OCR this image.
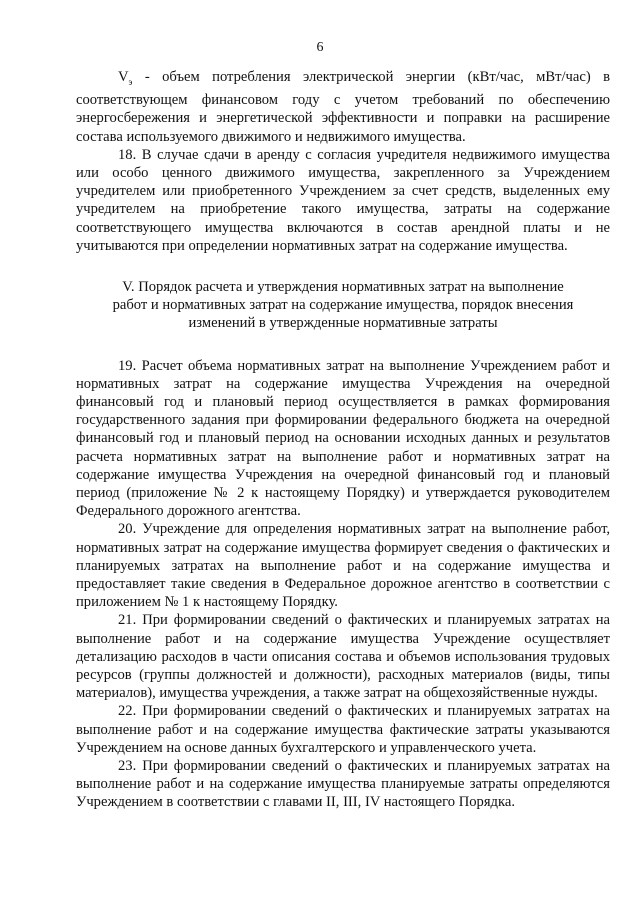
6

$V_э$ - объем потребления электрической энергии (кВт/час, мВт/час) в соответствующем финансовом году с учетом требований по обеспечению энергосбережения и энергетической эффективности и поправки на расширение состава используемого движимого и недвижимого имущества.

18. В случае сдачи в аренду с согласия учредителя недвижимого имущества или особо ценного движимого имущества, закрепленного за Учреждением учредителем или приобретенного Учреждением за счет средств, выделенных ему учредителем на приобретение такого имущества, затраты на содержание соответствующего имущества включаются в состав арендной платы и не учитываются при определении нормативных затрат на содержание имущества.

V. Порядок расчета и утверждения нормативных затрат на выполнение работ и нормативных затрат на содержание имущества, порядок внесения изменений в утвержденные нормативные затраты

19. Расчет объема нормативных затрат на выполнение Учреждением работ и нормативных затрат на содержание имущества Учреждения на очередной финансовый год и плановый период осуществляется в рамках формирования государственного задания при формировании федерального бюджета на очередной финансовый год и плановый период на основании исходных данных и результатов расчета нормативных затрат на выполнение работ и нормативных затрат на содержание имущества Учреждения на очередной финансовый год и плановый период (приложение № 2 к настоящему Порядку) и утверждается руководителем Федерального дорожного агентства.

20. Учреждение для определения нормативных затрат на выполнение работ, нормативных затрат на содержание имущества формирует сведения о фактических и планируемых затратах на выполнение работ и на содержание имущества и предоставляет такие сведения в Федеральное дорожное агентство в соответствии с приложением № 1 к настоящему Порядку.

21. При формировании сведений о фактических и планируемых затратах на выполнение работ и на содержание имущества Учреждение осуществляет детализацию расходов в части описания состава и объемов использования трудовых ресурсов (группы должностей и должности), расходных материалов (виды, типы материалов), имущества учреждения, а также затрат на общехозяйственные нужды.

22. При формировании сведений о фактических и планируемых затратах на выполнение работ и на содержание имущества фактические затраты указываются Учреждением на основе данных бухгалтерского и управленческого учета.

23. При формировании сведений о фактических и планируемых затратах на выполнение работ и на содержание имущества планируемые затраты определяются Учреждением в соответствии с главами II, III, IV настоящего Порядка.
